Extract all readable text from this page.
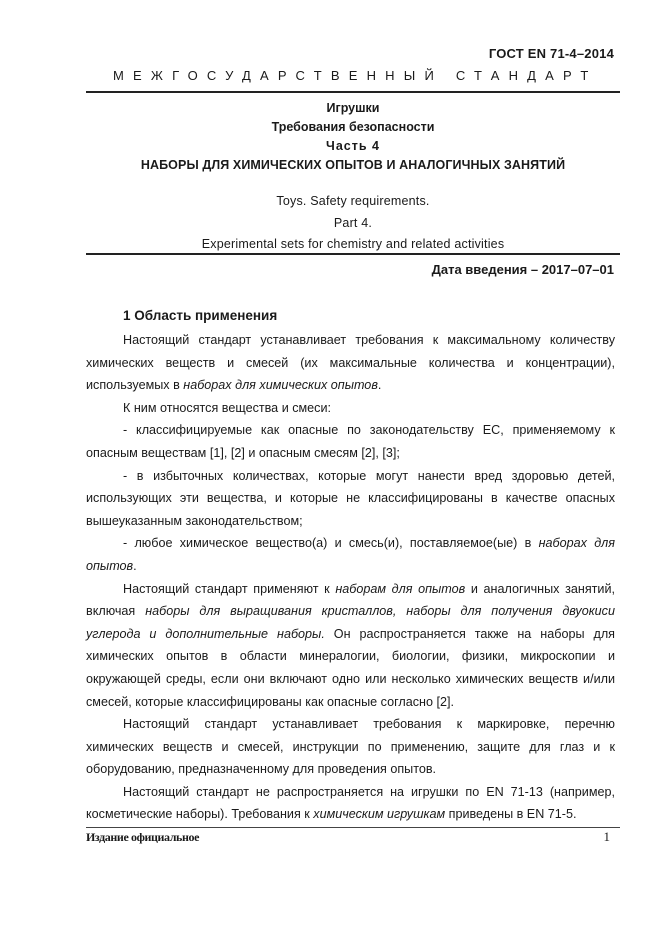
ГОСТ EN 71-4–2014
МЕЖГОСУДАРСТВЕННЫЙ СТАНДАРТ
Игрушки
Требования безопасности
Часть 4
НАБОРЫ ДЛЯ ХИМИЧЕСКИХ ОПЫТОВ И АНАЛОГИЧНЫХ ЗАНЯТИЙ
Toys. Safety requirements.
Part 4.
Experimental sets for chemistry and related activities
Дата введения – 2017–07–01
1 Область применения

Настоящий стандарт устанавливает требования к максимальному количеству химических веществ и смесей (их максимальные количества и концентрации), используемых в наборах для химических опытов.

К ним относятся вещества и смеси:

- классифицируемые как опасные по законодательству ЕС, применяемому к опасным веществам [1], [2] и опасным смесям [2], [3];

- в избыточных количествах, которые могут нанести вред здоровью детей, использующих эти вещества, и которые не классифицированы в качестве опасных вышеуказанным законодательством;

- любое химическое вещество(а) и смесь(и), поставляемое(ые) в наборах для опытов.

Настоящий стандарт применяют к наборам для опытов и аналогичных занятий, включая наборы для выращивания кристаллов, наборы для получения двуокиси углерода и дополнительные наборы. Он распространяется также на наборы для химических опытов в области минералогии, биологии, физики, микроскопии и окружающей среды, если они включают одно или несколько химических веществ и/или смесей, которые классифицированы как опасные согласно [2].

Настоящий стандарт устанавливает требования к маркировке, перечню химических веществ и смесей, инструкции по применению, защите для глаз и к оборудованию, предназначенному для проведения опытов.

Настоящий стандарт не распространяется на игрушки по EN 71-13 (например, косметические наборы). Требования к химическим игрушкам приведены в EN 71-5.

Издание официальное	1
